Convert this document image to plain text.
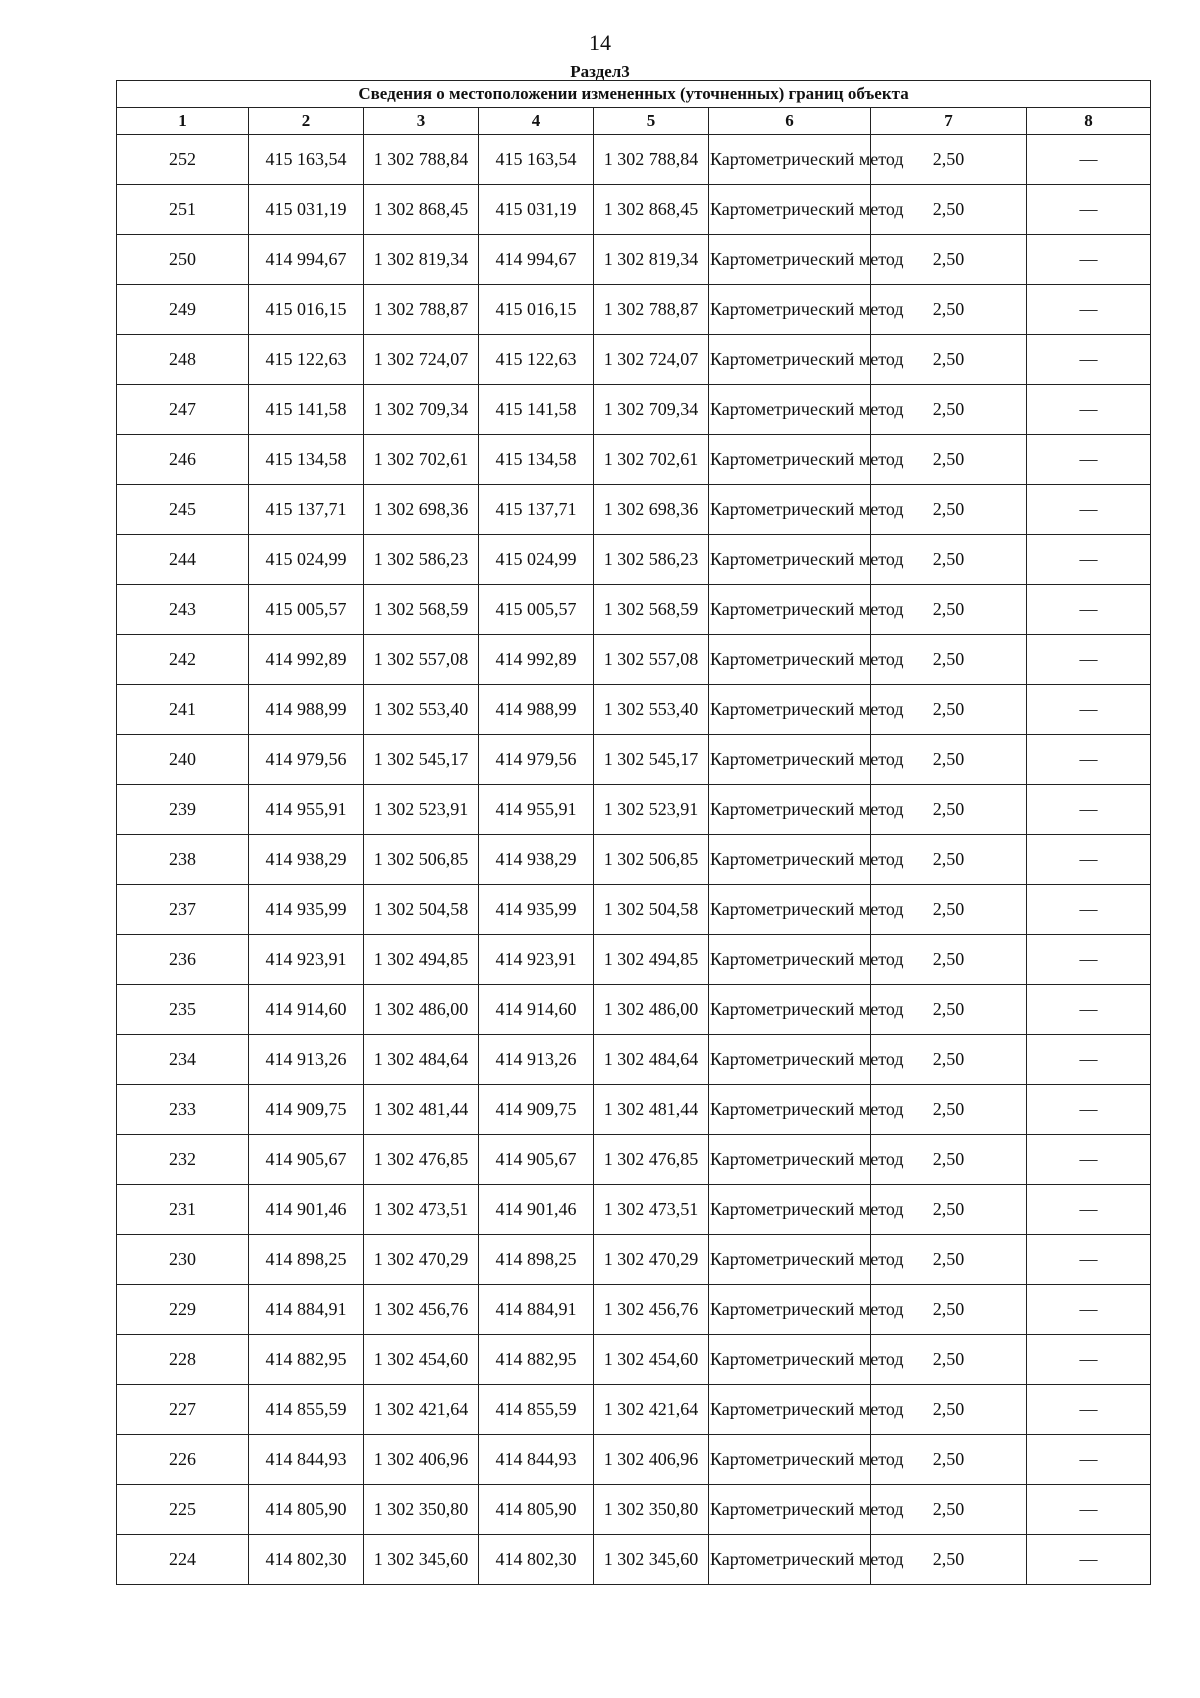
14
Раздел3
Сведения о местоположении измененных (уточненных) границ объекта							
1	2	3	4	5	6	7	8
252	415 163,54	1 302 788,84	415 163,54	1 302 788,84	Картометрический метод	2,50	—
251	415 031,19	1 302 868,45	415 031,19	1 302 868,45	Картометрический метод	2,50	—
250	414 994,67	1 302 819,34	414 994,67	1 302 819,34	Картометрический метод	2,50	—
249	415 016,15	1 302 788,87	415 016,15	1 302 788,87	Картометрический метод	2,50	—
248	415 122,63	1 302 724,07	415 122,63	1 302 724,07	Картометрический метод	2,50	—
247	415 141,58	1 302 709,34	415 141,58	1 302 709,34	Картометрический метод	2,50	—
246	415 134,58	1 302 702,61	415 134,58	1 302 702,61	Картометрический метод	2,50	—
245	415 137,71	1 302 698,36	415 137,71	1 302 698,36	Картометрический метод	2,50	—
244	415 024,99	1 302 586,23	415 024,99	1 302 586,23	Картометрический метод	2,50	—
243	415 005,57	1 302 568,59	415 005,57	1 302 568,59	Картометрический метод	2,50	—
242	414 992,89	1 302 557,08	414 992,89	1 302 557,08	Картометрический метод	2,50	—
241	414 988,99	1 302 553,40	414 988,99	1 302 553,40	Картометрический метод	2,50	—
240	414 979,56	1 302 545,17	414 979,56	1 302 545,17	Картометрический метод	2,50	—
239	414 955,91	1 302 523,91	414 955,91	1 302 523,91	Картометрический метод	2,50	—
238	414 938,29	1 302 506,85	414 938,29	1 302 506,85	Картометрический метод	2,50	—
237	414 935,99	1 302 504,58	414 935,99	1 302 504,58	Картометрический метод	2,50	—
236	414 923,91	1 302 494,85	414 923,91	1 302 494,85	Картометрический метод	2,50	—
235	414 914,60	1 302 486,00	414 914,60	1 302 486,00	Картометрический метод	2,50	—
234	414 913,26	1 302 484,64	414 913,26	1 302 484,64	Картометрический метод	2,50	—
233	414 909,75	1 302 481,44	414 909,75	1 302 481,44	Картометрический метод	2,50	—
232	414 905,67	1 302 476,85	414 905,67	1 302 476,85	Картометрический метод	2,50	—
231	414 901,46	1 302 473,51	414 901,46	1 302 473,51	Картометрический метод	2,50	—
230	414 898,25	1 302 470,29	414 898,25	1 302 470,29	Картометрический метод	2,50	—
229	414 884,91	1 302 456,76	414 884,91	1 302 456,76	Картометрический метод	2,50	—
228	414 882,95	1 302 454,60	414 882,95	1 302 454,60	Картометрический метод	2,50	—
227	414 855,59	1 302 421,64	414 855,59	1 302 421,64	Картометрический метод	2,50	—
226	414 844,93	1 302 406,96	414 844,93	1 302 406,96	Картометрический метод	2,50	—
225	414 805,90	1 302 350,80	414 805,90	1 302 350,80	Картометрический метод	2,50	—
224	414 802,30	1 302 345,60	414 802,30	1 302 345,60	Картометрический метод	2,50	—
